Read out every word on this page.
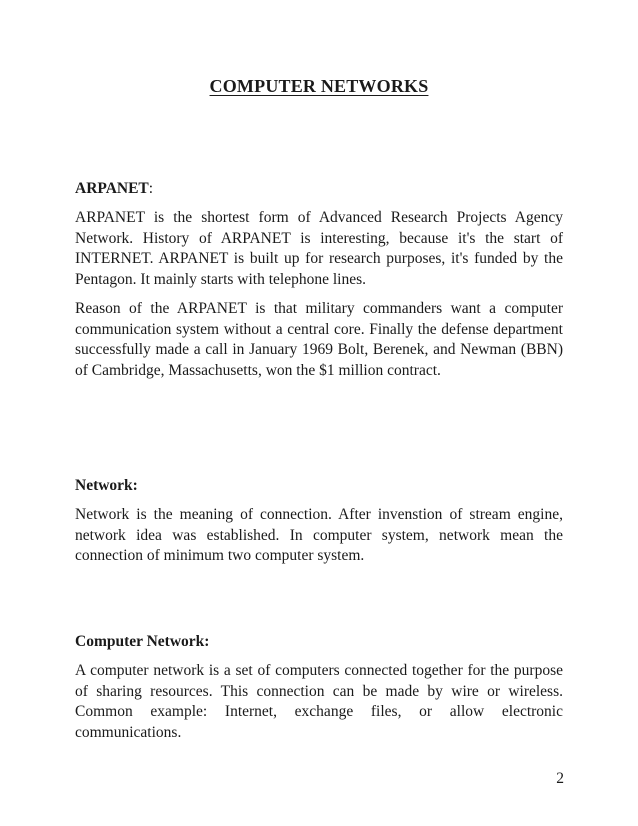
COMPUTER NETWORKS
ARPANET:

ARPANET is the shortest form of Advanced Research Projects Agency Network. History of ARPANET is interesting, because it's the start of INTERNET. ARPANET is built up for research purposes, it's funded by the Pentagon. It mainly starts with telephone lines.

Reason of the ARPANET is that military commanders want a computer communication system without a central core. Finally the defense department successfully made a call in January 1969 Bolt, Berenek, and Newman (BBN) of Cambridge, Massachusetts, won the $1 million contract.

Network:

Network is the meaning of connection. After invenstion of stream engine, network idea was established. In computer system, network mean the connection of minimum two computer system.

Computer Network:

A computer network is a set of computers connected together for the purpose of sharing resources. This connection can be made by wire or wireless. Common example: Internet, exchange files, or allow electronic communications.

2
